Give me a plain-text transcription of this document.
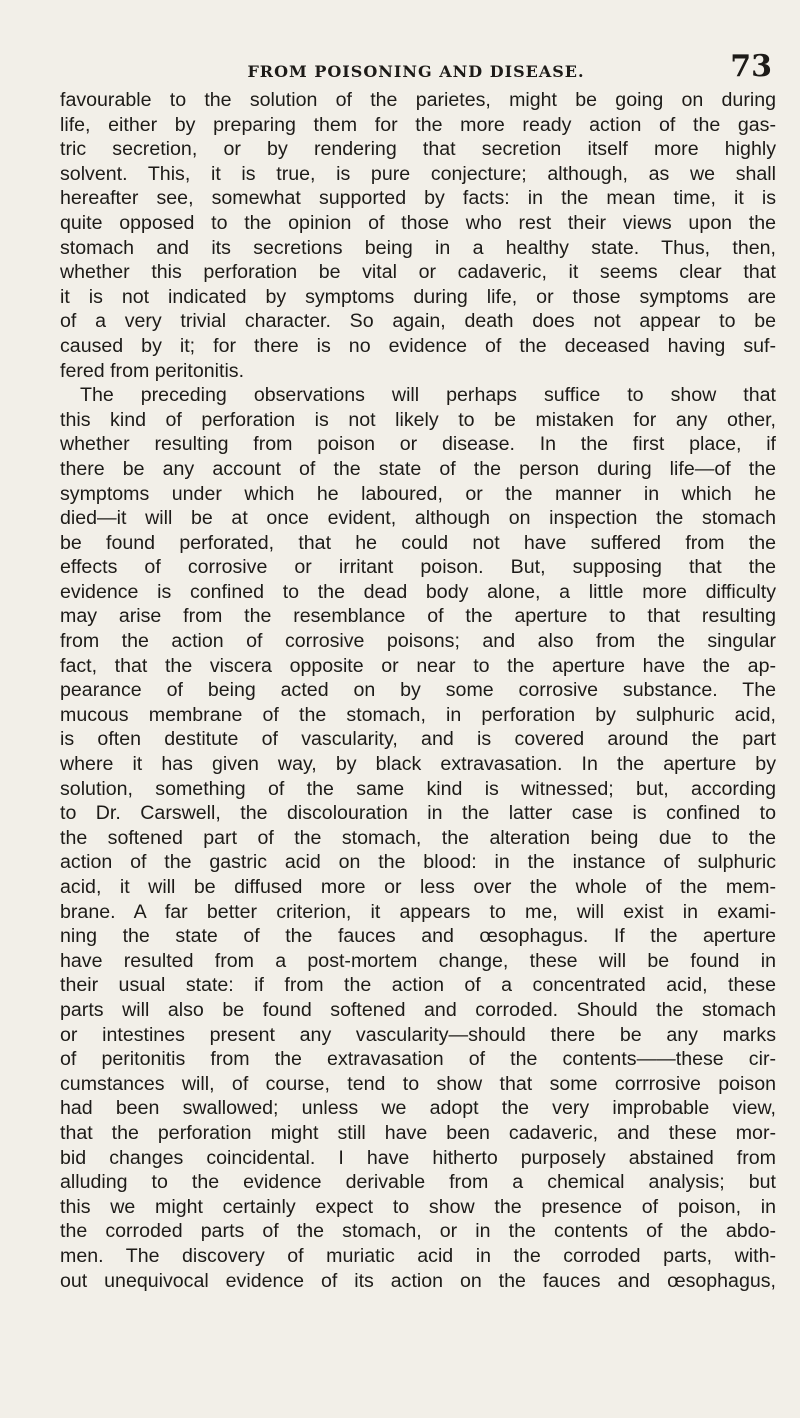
FROM POISONING AND DISEASE.	73
favourable to the solution of the parietes, might be going on during
life, either by preparing them for the more ready action of the gas-
tric secretion, or by rendering that secretion itself more highly
solvent. This, it is true, is pure conjecture; although, as we shall
hereafter see, somewhat supported by facts: in the mean time, it is
quite opposed to the opinion of those who rest their views upon the
stomach and its secretions being in a healthy state. Thus, then,
whether this perforation be vital or cadaveric, it seems clear that
it is not indicated by symptoms during life, or those symptoms are
of a very trivial character. So again, death does not appear to be
caused by it; for there is no evidence of the deceased having suf-
fered from peritonitis.
The preceding observations will perhaps suffice to show that
this kind of perforation is not likely to be mistaken for any other,
whether resulting from poison or disease. In the first place, if
there be any account of the state of the person during life—of the
symptoms under which he laboured, or the manner in which he
died—it will be at once evident, although on inspection the stomach
be found perforated, that he could not have suffered from the
effects of corrosive or irritant poison. But, supposing that the
evidence is confined to the dead body alone, a little more difficulty
may arise from the resemblance of the aperture to that resulting
from the action of corrosive poisons; and also from the singular
fact, that the viscera opposite or near to the aperture have the ap-
pearance of being acted on by some corrosive substance. The
mucous membrane of the stomach, in perforation by sulphuric acid,
is often destitute of vascularity, and is covered around the part
where it has given way, by black extravasation. In the aperture by
solution, something of the same kind is witnessed; but, according
to Dr. Carswell, the discolouration in the latter case is confined to
the softened part of the stomach, the alteration being due to the
action of the gastric acid on the blood: in the instance of sulphuric
acid, it will be diffused more or less over the whole of the mem-
brane. A far better criterion, it appears to me, will exist in exami-
ning the state of the fauces and œsophagus. If the aperture
have resulted from a post-mortem change, these will be found in
their usual state: if from the action of a concentrated acid, these
parts will also be found softened and corroded. Should the stomach
or intestines present any vascularity—should there be any marks
of peritonitis from the extravasation of the contents——these cir-
cumstances will, of course, tend to show that some corrrosive poison
had been swallowed; unless we adopt the very improbable view,
that the perforation might still have been cadaveric, and these mor-
bid changes coincidental. I have hitherto purposely abstained from
alluding to the evidence derivable from a chemical analysis; but
this we might certainly expect to show the presence of poison, in
the corroded parts of the stomach, or in the contents of the abdo-
men. The discovery of muriatic acid in the corroded parts, with-
out unequivocal evidence of its action on the fauces and œsophagus,
